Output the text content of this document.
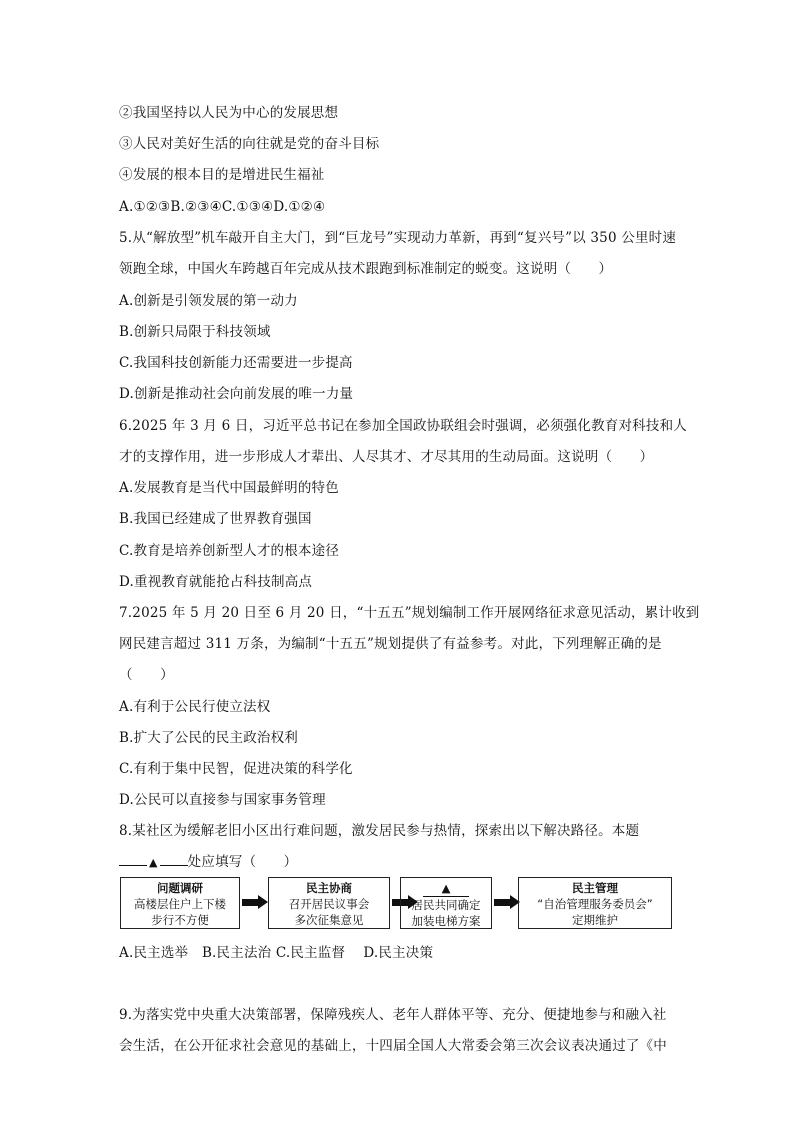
②我国坚持以人民为中心的发展思想
③人民对美好生活的向往就是党的奋斗目标
④发展的根本目的是增进民生福祉
A.①②③B.②③④C.①③④D.①②④
5.从“解放型”机车敲开自主大门，到“巨龙号”实现动力革新，再到“复兴号”以 350 公里时速
领跑全球，中国火车跨越百年完成从技术跟跑到标准制定的蜕变。这说明（　　）
A.创新是引领发展的第一动力
B.创新只局限于科技领域
C.我国科技创新能力还需要进一步提高
D.创新是推动社会向前发展的唯一力量
6.2025 年 3 月 6 日，习近平总书记在参加全国政协联组会时强调，必须强化教育对科技和人
才的支撑作用，进一步形成人才辈出、人尽其才、才尽其用的生动局面。这说明（　　）
A.发展教育是当代中国最鲜明的特色
B.我国已经建成了世界教育强国
C.教育是培养创新型人才的根本途径
D.重视教育就能抢占科技制高点
7.2025 年 5 月 20 日至 6 月 20 日，“十五五”规划编制工作开展网络征求意见活动，累计收到
网民建言超过 311 万条，为编制“十五五”规划提供了有益参考。对此，下列理解正确的是
（　　）
A.有利于公民行使立法权
B.扩大了公民的民主政治权利
C.有利于集中民智，促进决策的科学化
D.公民可以直接参与国家事务管理
8.某社区为缓解老旧小区出行难问题，激发居民参与热情，探索出以下解决路径。本题
▲ 处应填写（　　）
问题调研
高楼层住户上下楼
步行不方便
民主协商
召开居民议事会
多次征集意见
▲
居民共同确定
加装电梯方案
民主管理
“自治管理服务委员会”
定期维护
A.民主选举　B.民主法治 C.民主监督　 D.民主决策
9.为落实党中央重大决策部署，保障残疾人、老年人群体平等、充分、便捷地参与和融入社
会生活，在公开征求社会意见的基础上，十四届全国人大常委会第三次会议表决通过了《中
